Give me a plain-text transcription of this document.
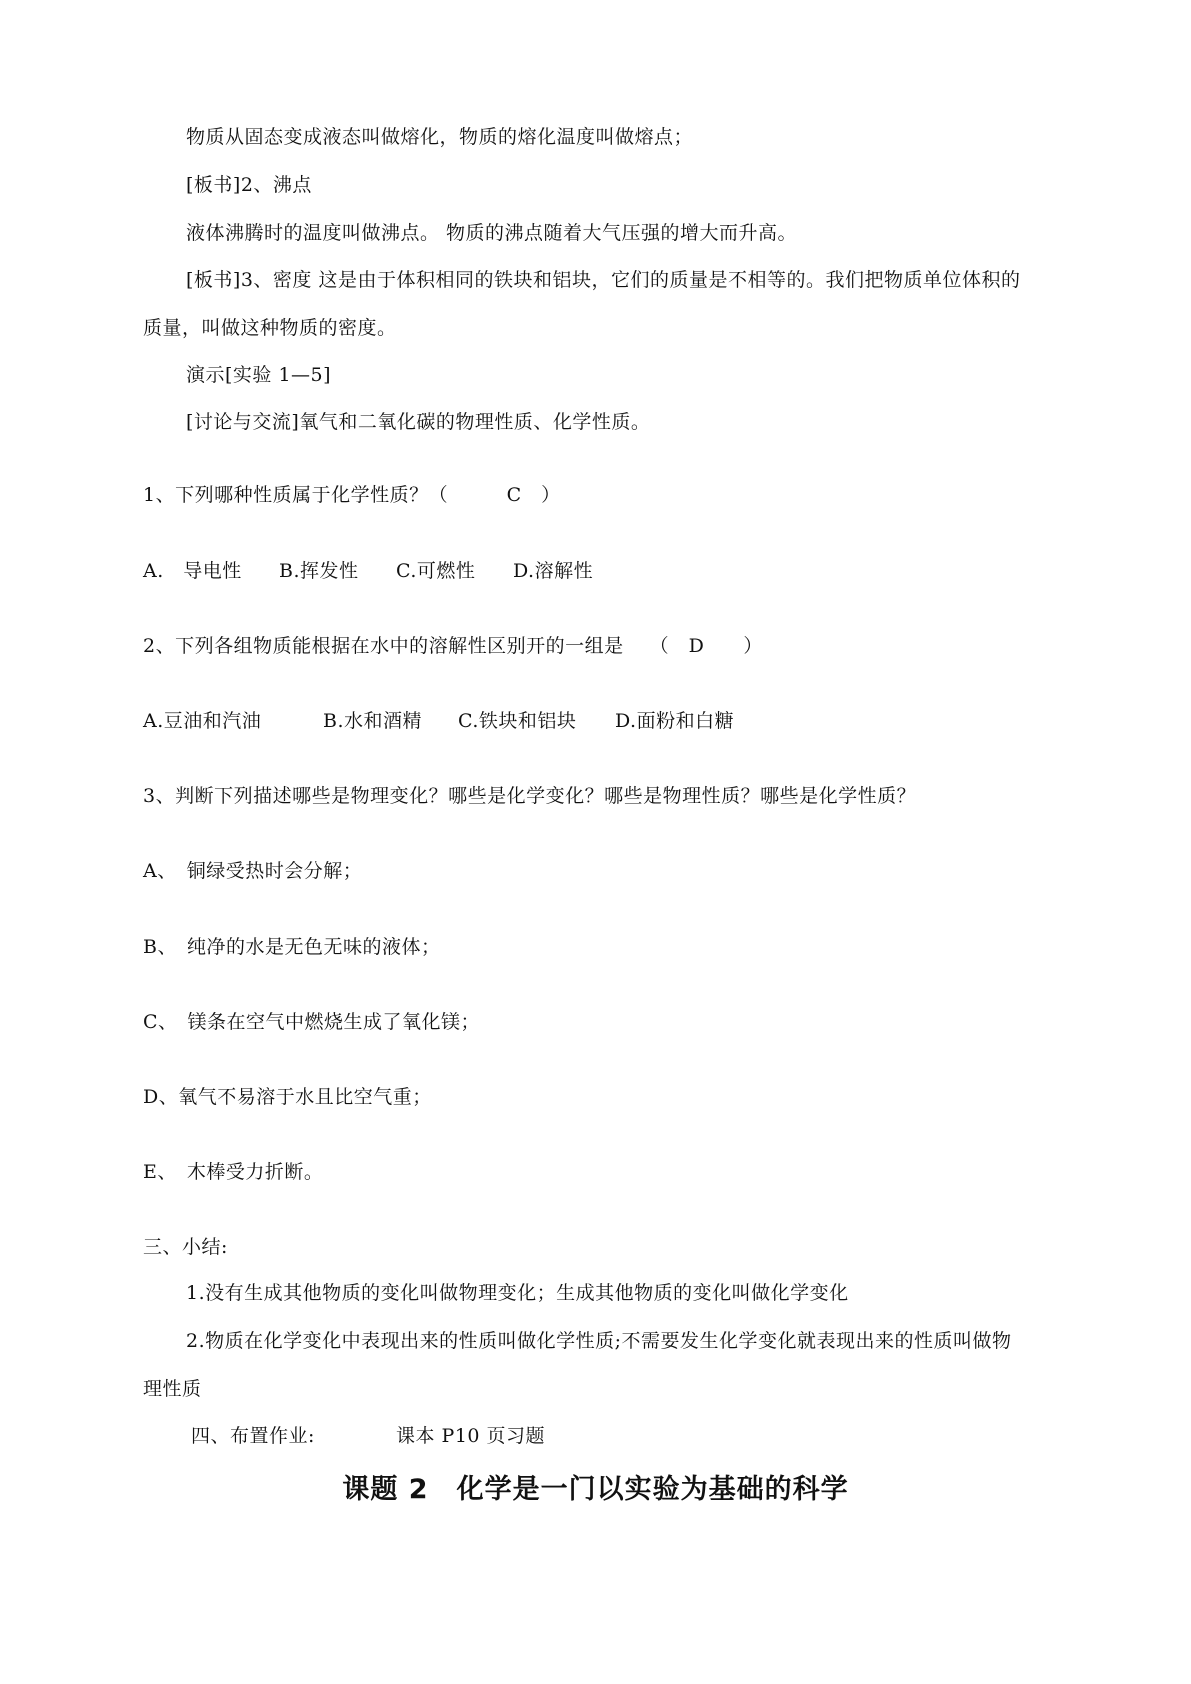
物质从固态变成液态叫做熔化，物质的熔化温度叫做熔点；
[板书]2、沸点
液体沸腾时的温度叫做沸点。 物质的沸点随着大气压强的增大而升高。
[板书]3、密度 这是由于体积相同的铁块和铝块，它们的质量是不相等的。我们把物质单位体积的
质量，叫做这种物质的密度。
演示[实验 1—5]
[讨论与交流]氧气和二氧化碳的物理性质、化学性质。
1、下列哪种性质属于化学性质？（　　　C　）
A.　导电性 B.挥发性 C.可燃性 D.溶解性
2、下列各组物质能根据在水中的溶解性区别开的一组是　 （　D　　）
A.豆油和汽油	B.水和酒精 C.铁块和铝块 D.面粉和白糖
3、判断下列描述哪些是物理变化？哪些是化学变化？哪些是物理性质？哪些是化学性质？
A、　铜绿受热时会分解；
B、　纯净的水是无色无味的液体；
C、　镁条在空气中燃烧生成了氧化镁；
D、氧气不易溶于水且比空气重；
E、　木棒受力折断。
三、小结:
1.没有生成其他物质的变化叫做物理变化；生成其他物质的变化叫做化学变化
2.物质在化学变化中表现出来的性质叫做化学性质;不需要发生化学变化就表现出来的性质叫做物
理性质
四、布置作业:	课本 P10 页习题
课题 2　化学是一门以实验为基础的科学
